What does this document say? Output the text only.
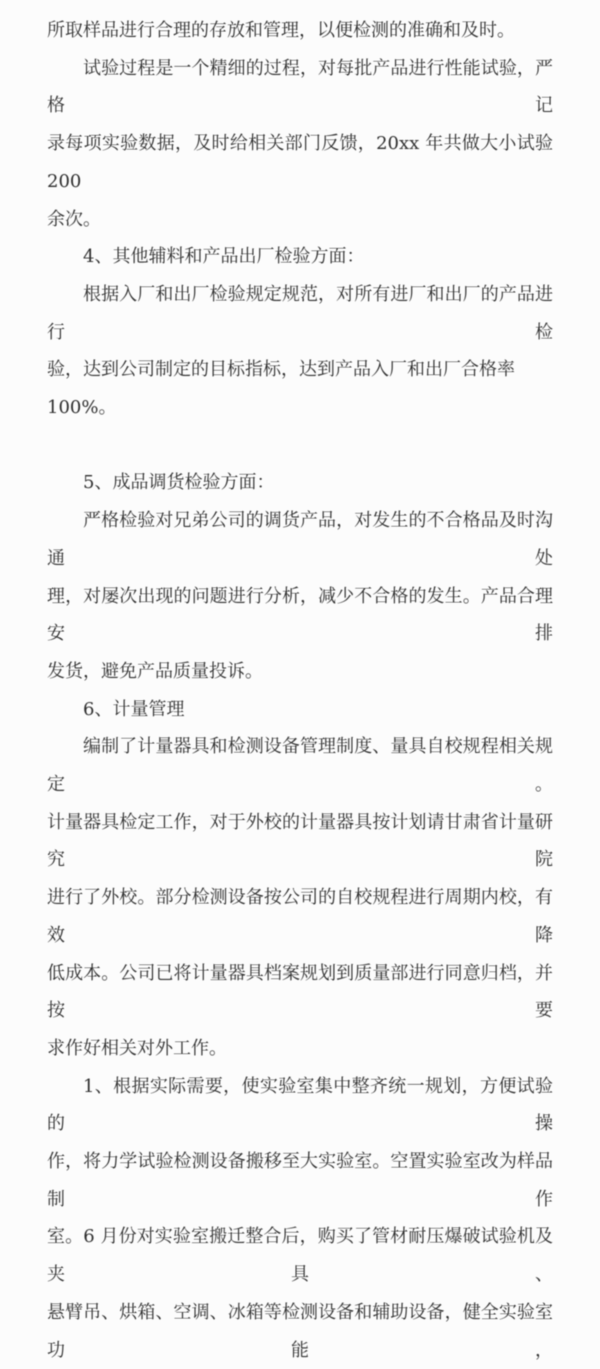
所取样品进行合理的存放和管理，以便检测的准确和及时。
试验过程是一个精细的过程，对每批产品进行性能试验，严格记
录每项实验数据，及时给相关部门反馈，20xx 年共做大小试验 200
余次。
4、其他辅料和产品出厂检验方面：
根据入厂和出厂检验规定规范，对所有进厂和出厂的产品进行检
验，达到公司制定的目标指标，达到产品入厂和出厂合格率 100%。
5、成品调货检验方面：
严格检验对兄弟公司的调货产品，对发生的不合格品及时沟通处
理，对屡次出现的问题进行分析，减少不合格的发生。产品合理安排
发货，避免产品质量投诉。
6、计量管理
编制了计量器具和检测设备管理制度、量具自校规程相关规定。
计量器具检定工作，对于外校的计量器具按计划请甘肃省计量研究院
进行了外校。部分检测设备按公司的自校规程进行周期内校，有效降
低成本。公司已将计量器具档案规划到质量部进行同意归档，并按要
求作好相关对外工作。
1、根据实际需要，使实验室集中整齐统一规划，方便试验的操
作，将力学试验检测设备搬移至大实验室。空置实验室改为样品制作
室。6 月份对实验室搬迁整合后，购买了管材耐压爆破试验机及夹具、
悬臂吊、烘箱、空调、冰箱等检测设备和辅助设备，健全实验室功能，
